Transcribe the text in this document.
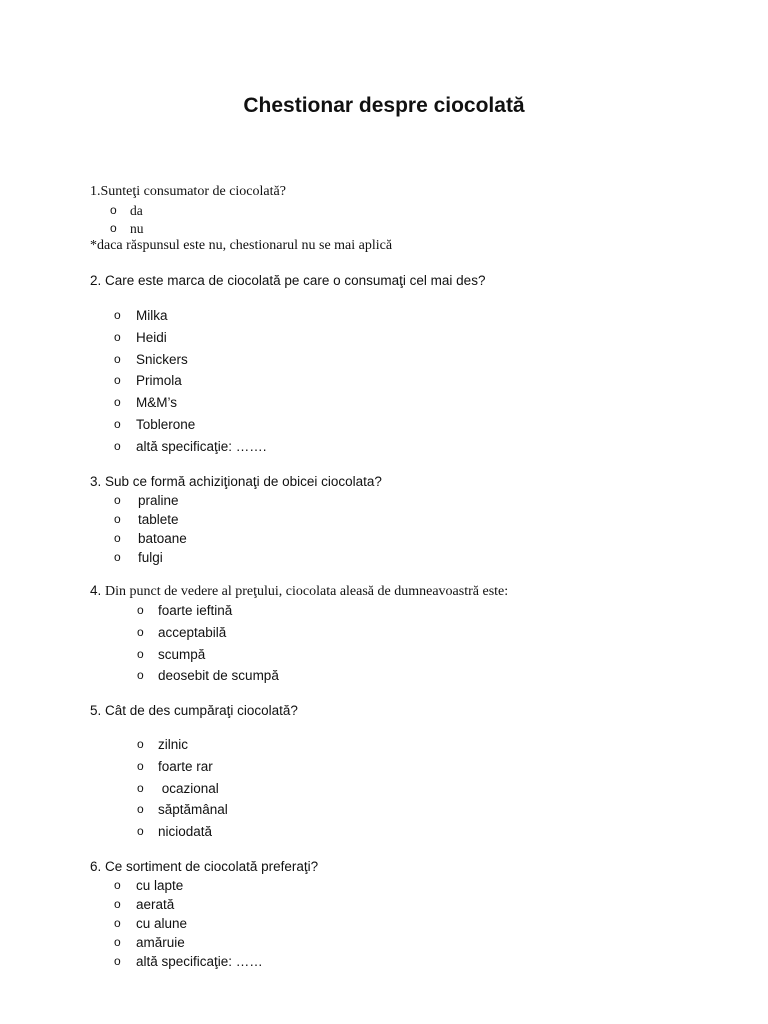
Chestionar despre ciocolată

1.Sunteţi consumator de ciocolată?

o da
o nu

*daca răspunsul este nu, chestionarul nu se mai aplică

2. Care este marca de ciocolată pe care o consumaţi cel mai des?

o Milka
o Heidi
o Snickers
o Primola
o M&M’s
o Toblerone
o altă specificaţie: …….

3. Sub ce formă achiziţionaţi de obicei ciocolata?

o praline
o tablete
o batoane
o fulgi

4. Din punct de vedere al preţului, ciocolata aleasă de dumneavoastră este:

o foarte ieftină
o acceptabilă
o scumpă
o deosebit de scumpă

5. Cât de des cumpăraţi ciocolată?

o zilnic
o foarte rar
o ocazional
o săptămânal
o niciodată

6. Ce sortiment de ciocolată preferaţi?

o cu lapte
o aerată
o cu alune
o amăruie
o altă specificaţie: ……
